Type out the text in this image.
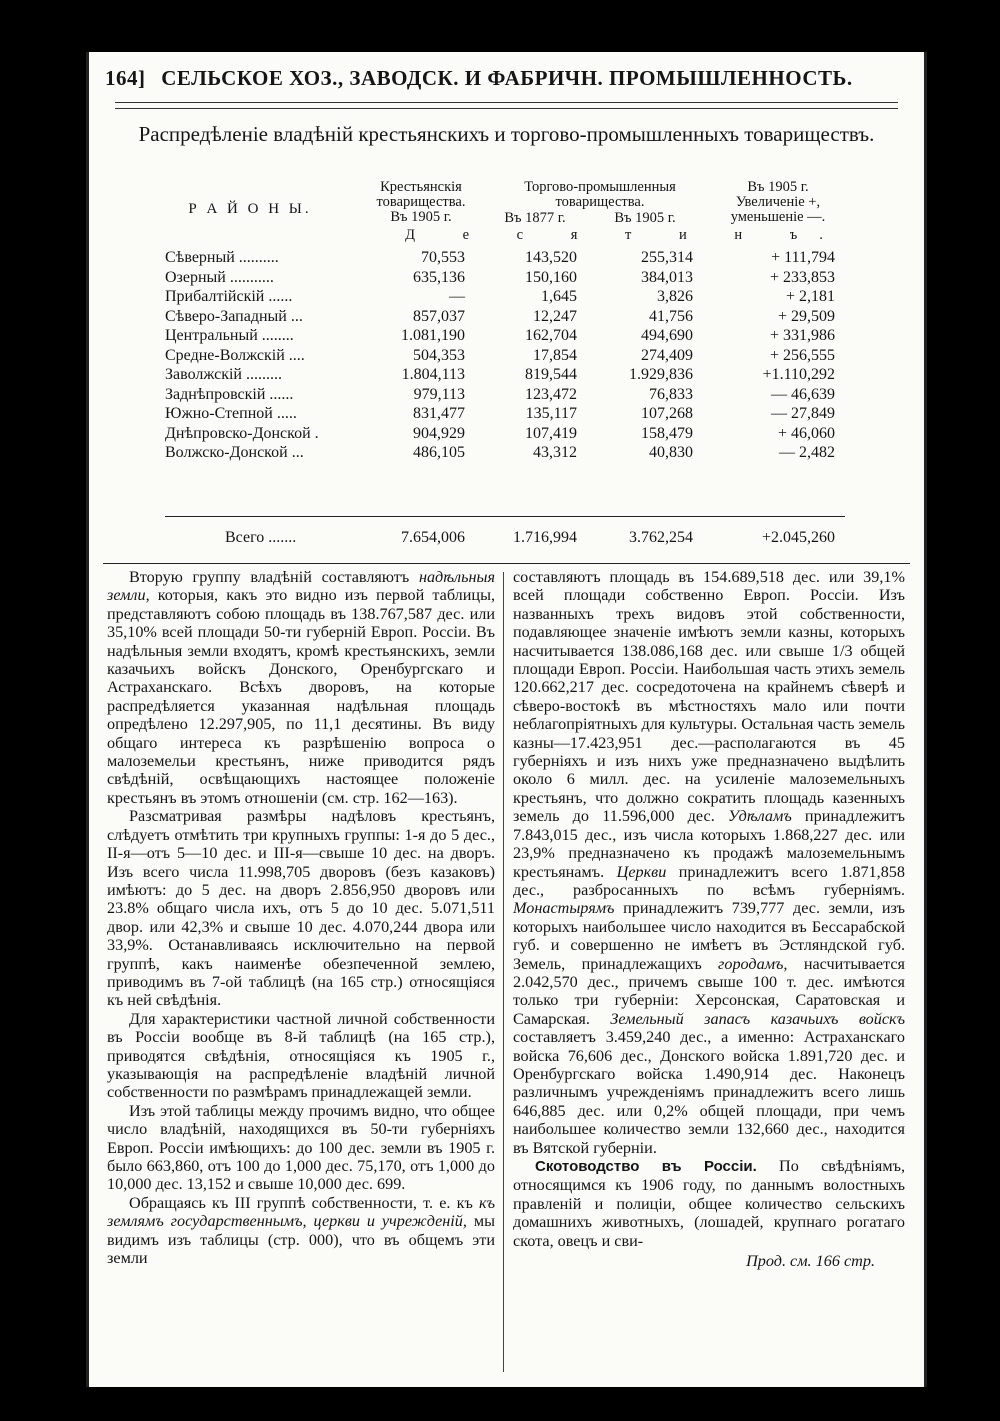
164] СЕЛЬСКОЕ ХОЗ., ЗАВОДСК. И ФАБРИЧН. ПРОМЫШЛЕННОСТЬ.
Распредѣленіе владѣній крестьянскихъ и торгово-промышленныхъ товариществъ.
Р А Й О Н Ы.
Крестьянскія товарищества.
Въ 1905 г.
Торгово-промышленныя товарищества.
Въ 1877 г.	Въ 1905 г.
Въ 1905 г. Увеличеніе +, уменьшеніе —.
Д е с я т и н ъ.
Сѣверный ..........	70,553	143,520	255,314	+ 111,794
Озерный ...........	635,136	150,160	384,013	+ 233,853
Прибалтійскій ......	—	1,645	3,826	+ 2,181
Сѣверо-Западный ...	857,037	12,247	41,756	+ 29,509
Центральный ........	1.081,190	162,704	494,690	+ 331,986
Средне-Волжскій ....	504,353	17,854	274,409	+ 256,555
Заволжскій .........	1.804,113	819,544	1.929,836	+1.110,292
Заднѣпровскій ......	979,113	123,472	76,833	— 46,639
Южно-Степной .....	831,477	135,117	107,268	— 27,849
Днѣпровско-Донской .	904,929	107,419	158,479	+ 46,060
Волжско-Донской ...	486,105	43,312	40,830	— 2,482
Всего .......	7.654,006	1.716,994	3.762,254	+2.045,260

Вторую группу владѣній составляютъ надѣльныя земли, которыя, какъ это видно изъ первой таблицы, представляютъ собою площадь въ 138.767,587 дес. или 35,10% всей площади 50-ти губерній Европ. Россіи. Въ надѣльныя земли входятъ, кромѣ крестьянскихъ, земли казачьихъ войскъ Донского, Оренбургскаго и Астраханскаго. Всѣхъ дворовъ, на которые распредѣляется указанная надѣльная площадь опредѣлено 12.297,905, по 11,1 десятины. Въ виду общаго интереса къ разрѣшенію вопроса о малоземельи крестьянъ, ниже приводится рядъ свѣдѣній, освѣщающихъ настоящее положеніе крестьянъ въ этомъ отношеніи (см. стр. 162—163).

Разсматривая размѣры надѣловъ крестьянъ, слѣдуетъ отмѣтить три крупныхъ группы: 1-я до 5 дес., II-я—отъ 5—10 дес. и III-я—свыше 10 дес. на дворъ. Изъ всего числа 11.998,705 дворовъ (безъ казаковъ) имѣютъ: до 5 дес. на дворъ 2.856,950 дворовъ или 23.8% общаго числа ихъ, отъ 5 до 10 дес. 5.071,511 двор. или 42,3% и свыше 10 дес. 4.070,244 двора или 33,9%. Останавливаясь исключительно на первой группѣ, какъ наименѣе обезпеченной землею, приводимъ въ 7-ой таблицѣ (на 165 стр.) относящіяся къ ней свѣдѣнія.

Для характеристики частной личной собственности въ Россіи вообще въ 8-й таблицѣ (на 165 стр.), приводятся свѣдѣнія, относящіяся къ 1905 г., указывающія на распредѣленіе владѣній личной собственности по размѣрамъ принадлежащей земли.

Изъ этой таблицы между прочимъ видно, что общее число владѣній, находящихся въ 50-ти губерніяхъ Европ. Россіи имѣющихъ: до 100 дес. земли въ 1905 г. было 663,860, отъ 100 до 1,000 дес. 75,170, отъ 1,000 до 10,000 дес. 13,152 и свыше 10,000 дес. 699.

Обращаясь къ III группѣ собственности, т. е. къ къ землямъ государственнымъ, церкви и учрежденій, мы видимъ изъ таблицы (стр. 000), что въ общемъ эти земли

составляютъ площадь въ 154.689,518 дес. или 39,1% всей площади собственно Европ. Россіи. Изъ названныхъ трехъ видовъ этой собственности, подавляющее значеніе имѣютъ земли казны, которыхъ насчитывается 138.086,168 дес. или свыше 1/3 общей площади Европ. Россіи. Наибольшая часть этихъ земель 120.662,217 дес. сосредоточена на крайнемъ сѣверѣ и сѣверо-востокѣ въ мѣстностяхъ мало или почти неблагопріятныхъ для культуры. Остальная часть земель казны—17.423,951 дес.—располагаются въ 45 губерніяхъ и изъ нихъ уже предназначено выдѣлить около 6 милл. дес. на усиленіе малоземельныхъ крестьянъ, что должно сократить площадь казенныхъ земель до 11.596,000 дес. Удѣламъ принадлежитъ 7.843,015 дес., изъ числа которыхъ 1.868,227 дес. или 23,9% предназначено къ продажѣ малоземельнымъ крестьянамъ. Церкви принадлежитъ всего 1.871,858 дес., разбросанныхъ по всѣмъ губерніямъ. Монастырямъ принадлежитъ 739,777 дес. земли, изъ которыхъ наибольшее число находится въ Бессарабской губ. и совершенно не имѣетъ въ Эстляндской губ. Земель, принадлежащихъ городамъ, насчитывается 2.042,570 дес., причемъ свыше 100 т. дес. имѣются только три губерніи: Херсонская, Саратовская и Самарская. Земельный запасъ казачьихъ войскъ составляетъ 3.459,240 дес., а именно: Астраханскаго войска 76,606 дес., Донского войска 1.891,720 дес. и Оренбургскаго войска 1.490,914 дес. Наконецъ различнымъ учрежденіямъ принадлежитъ всего лишь 646,885 дес. или 0,2% общей площади, при чемъ наибольшее количество земли 132,660 дес., находится въ Вятской губерніи.

Скотоводство въ Россіи. По свѣдѣніямъ, относящимся къ 1906 году, по даннымъ волостныхъ правленій и полиціи, общее количество сельскихъ домашнихъ животныхъ, (лошадей, крупнаго рогатаго скота, овецъ и сви-

Прод. см. 166 стр.
